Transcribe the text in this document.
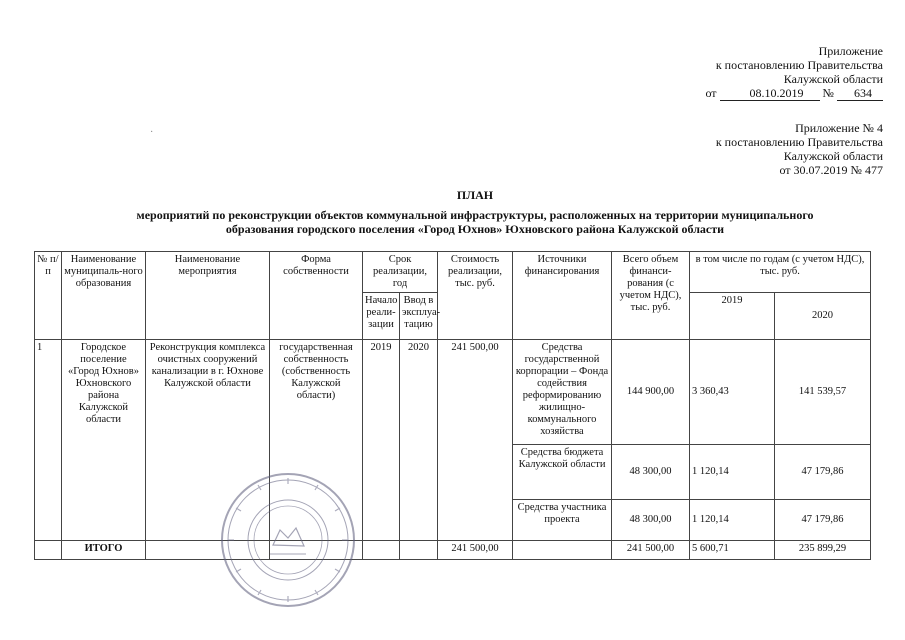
Приложение
к постановлению Правительства
Калужской области
от	08.10.2019 № 634
·	Приложение № 4
к постановлению Правительства
Калужской области
от 30.07.2019 № 477
ПЛАН
мероприятий по реконструкции объектов коммунальной инфраструктуры, расположенных на территории муниципального
образования городского поселения «Город Юхнов» Юхновского района Калужской области
№ п/п	Наименование муниципаль-ного образования	Наименование мероприятия	Форма собственности	Срок реализации, год		Стоимость реализации, тыс. руб.	Источники финансирования	Всего объем финанси-рования (с учетом НДС), тыс. руб.	в том числе по годам (с учетом НДС), тыс. руб.	
				Начало реали-зации	Ввод в эксплуа-тацию				2019	2020
1	Городское поселение «Город Юхнов» Юхновского района Калужской области	Реконструкция комплекса очистных сооружений канализации в г. Юхнове Калужской области	государственная собственность (собственность Калужской области)	2019	2020	241 500,00	Средства государственной корпорации – Фонда содействия реформированию жилищно-коммунального хозяйства	144 900,00	3 360,43	141 539,57
							Средства бюджета Калужской области	48 300,00	1 120,14	47 179,86
							Средства участника проекта	48 300,00	1 120,14	47 179,86
	ИТОГО					241 500,00		241 500,00	5 600,71	235 899,29
